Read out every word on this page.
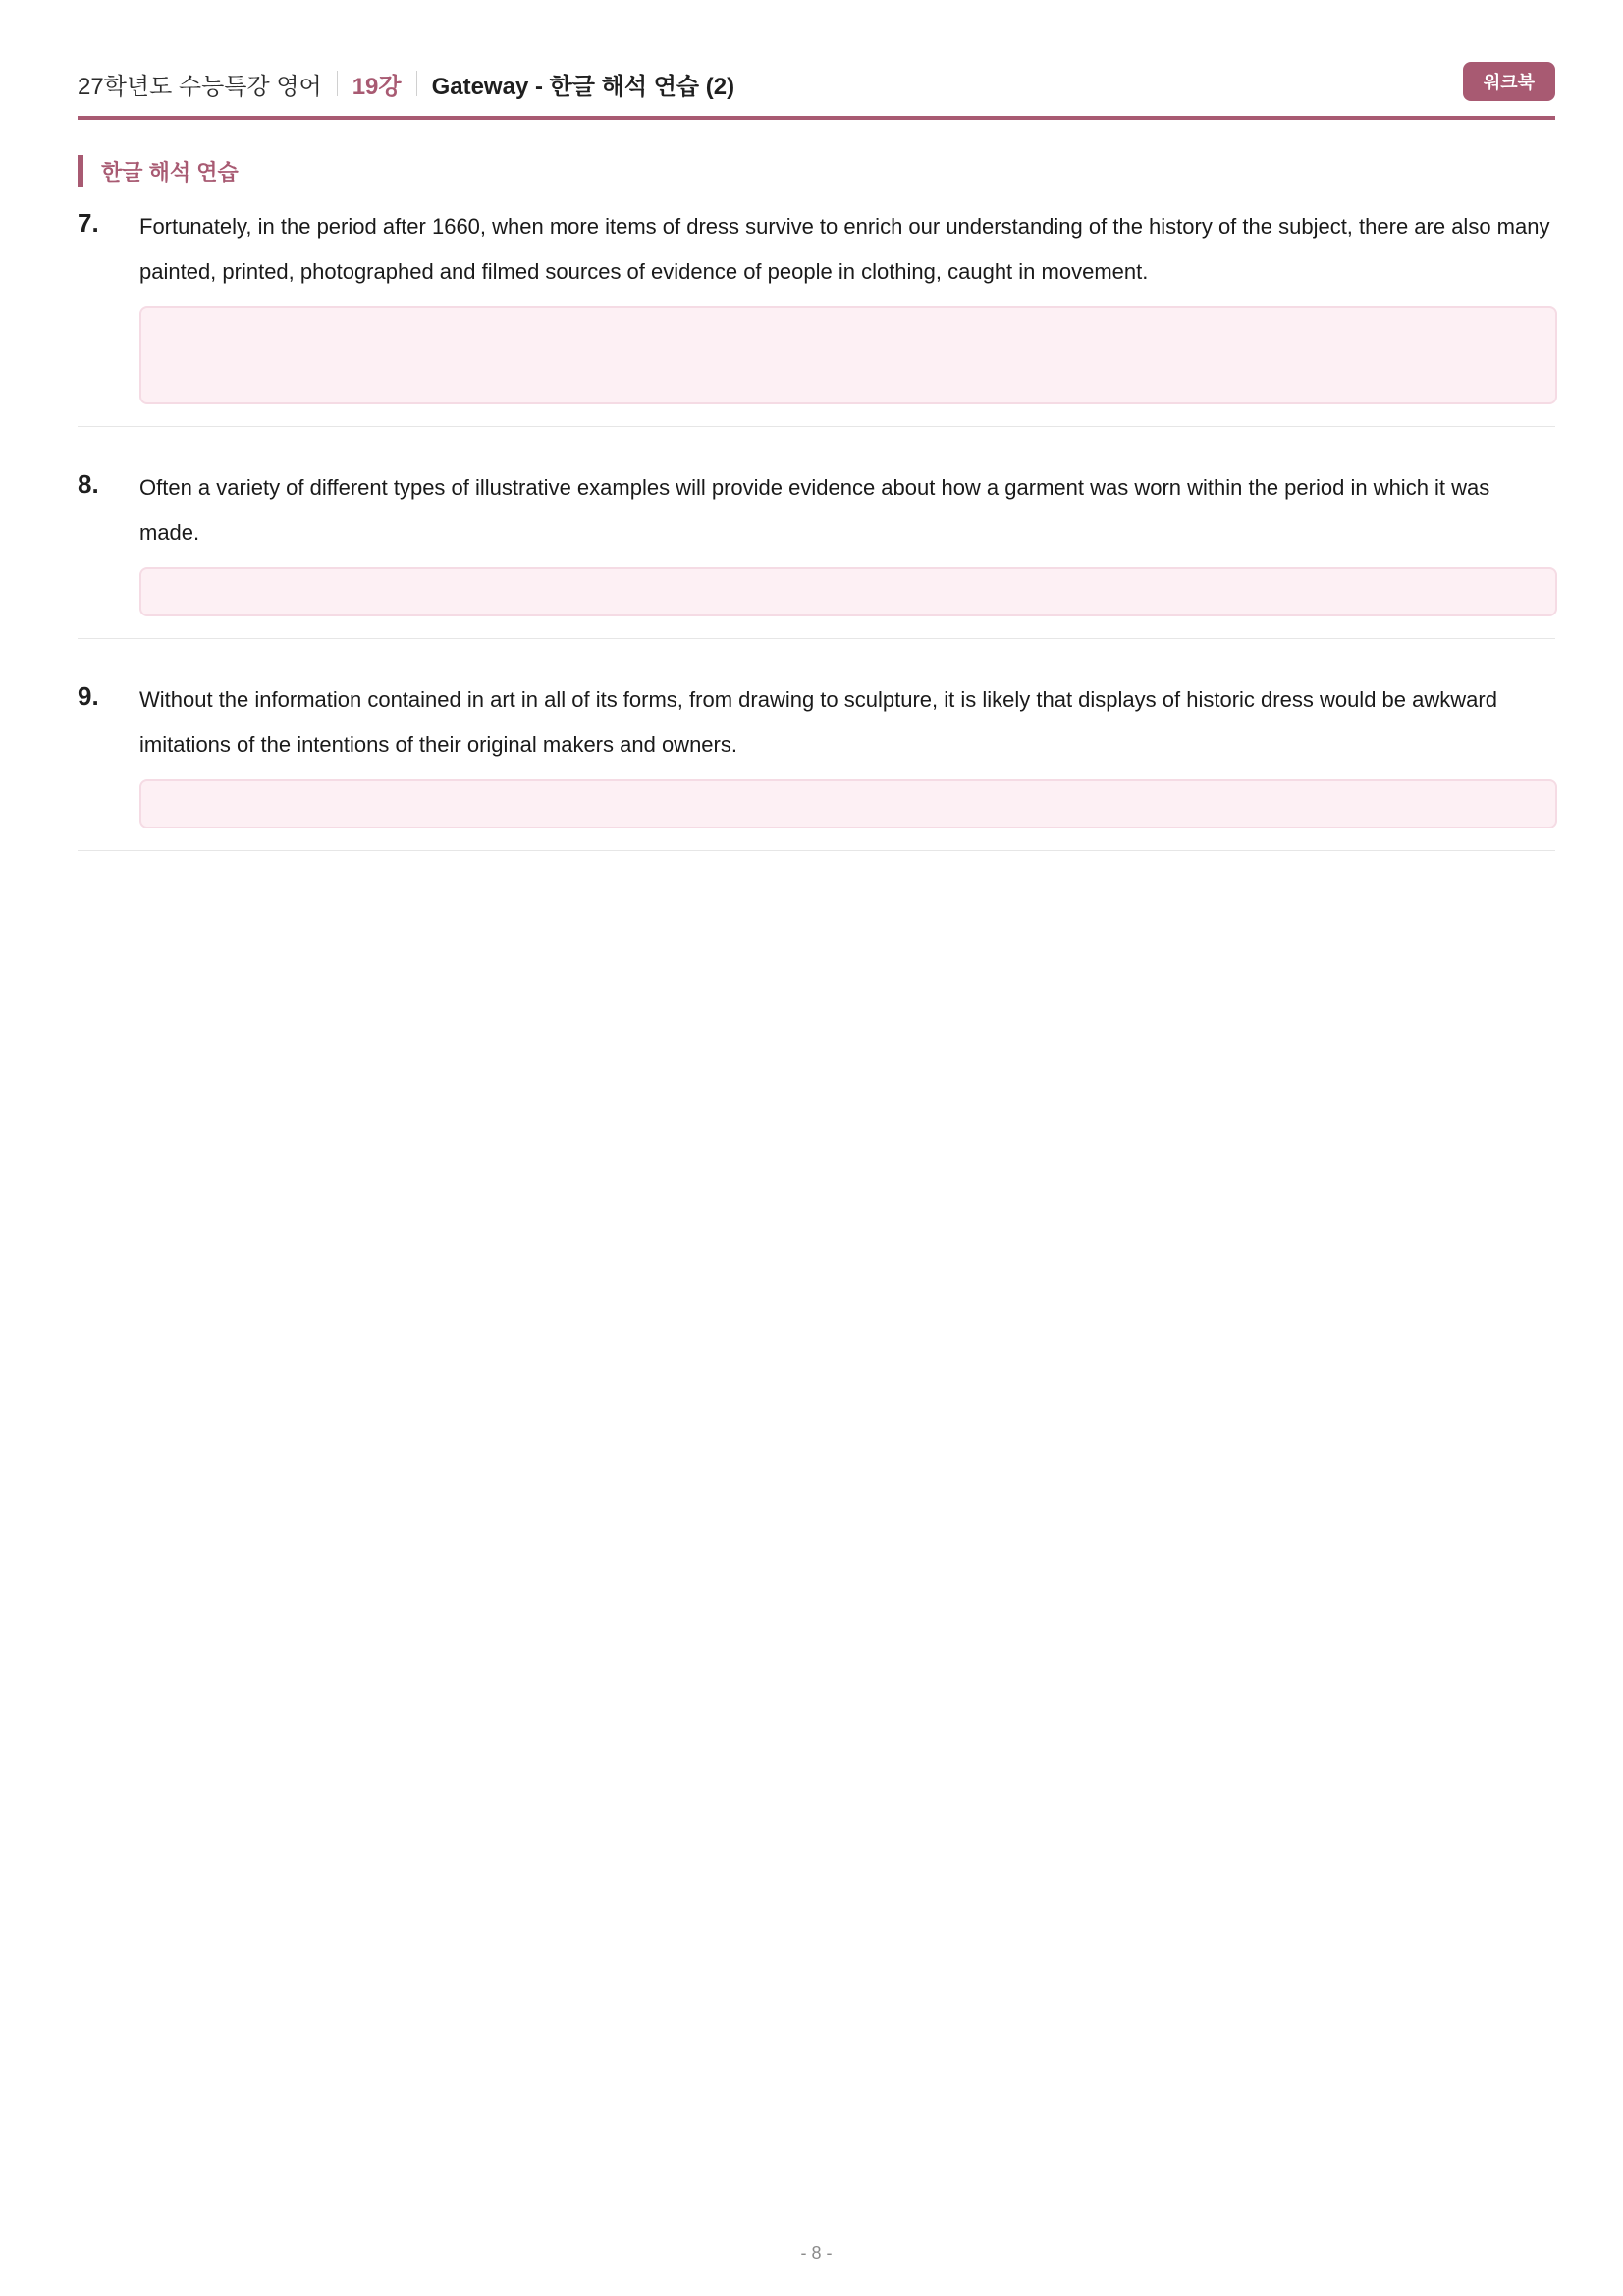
27학년도 수능특강 영어 19강 Gateway - 한글 해석 연습 (2)	워크북
한글 해석 연습
7. Fortunately, in the period after 1660, when more items of dress survive to enrich our understanding of the history of the subject, there are also many painted, printed, photographed and filmed sources of evidence of people in clothing, caught in movement.
8. Often a variety of different types of illustrative examples will provide evidence about how a garment was worn within the period in which it was made.
9. Without the information contained in art in all of its forms, from drawing to sculpture, it is likely that displays of historic dress would be awkward imitations of the intentions of their original makers and owners.
- 8 -
